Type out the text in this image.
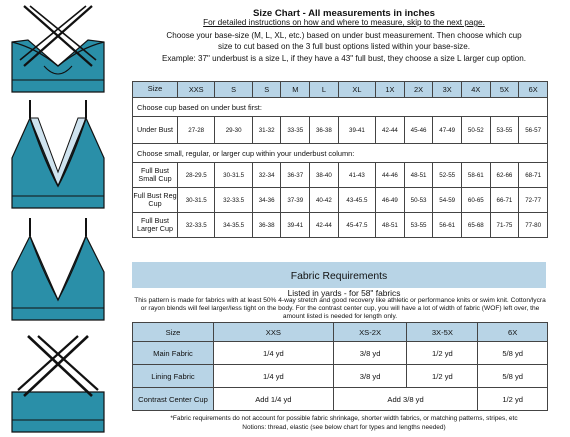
Size Chart - All measurements in inches
For detailed instructions on how and where to measure, skip to the next page.
Choose your base-size (M, L, XL, etc.) based on under bust measurement. Then choose which cup
size to cut based on the 3 full bust options listed within your base-size.
Example: 37" underbust is a size L, if they have a 43" full bust, they choose a size L larger cup option.
Size	XXS	S	S	M	L	XL	1X	2X	3X	4X	5X	6X
Choose cup based on under bust first:												
Under Bust	27-28	29-30	31-32	33-35	36-38	39-41	42-44	45-46	47-49	50-52	53-55	56-57
Choose small, regular, or larger cup within your underbust column:												
Full Bust Small Cup	28-29.5	30-31.5	32-34	36-37	38-40	41-43	44-46	48-51	52-55	58-61	62-66	68-71
Full Bust Reg Cup	30-31.5	32-33.5	34-36	37-39	40-42	43-45.5	46-49	50-53	54-59	60-65	66-71	72-77
Full Bust Larger Cup	32-33.5	34-35.5	36-38	39-41	42-44	45-47.5	48-51	53-55	56-61	65-68	71-75	77-80
Fabric Requirements
Listed in yards - for 58" fabrics
This pattern is made for fabrics with at least 50% 4-way stretch and good recovery like athletic or performance knits or swim knit. Cotton/lycra or rayon blends will feel larger/less tight on the body. For the contrast center cup, you will have a lot of width of fabric (WOF) left over, the amount listed is needed for length only.
Size	XXS	XS-2X	3X-5X	6X
Main Fabric	1/4 yd	3/8 yd	1/2 yd	5/8 yd
Lining Fabric	1/4 yd	3/8 yd	1/2 yd	5/8 yd
Contrast Center Cup	Add 1/4 yd	Add 3/8 yd		1/2 yd
*Fabric requirements do not account for possible fabric shrinkage, shorter width fabrics, or matching patterns, stripes, etc
Notions: thread, elastic (see below chart for types and lengths needed)
